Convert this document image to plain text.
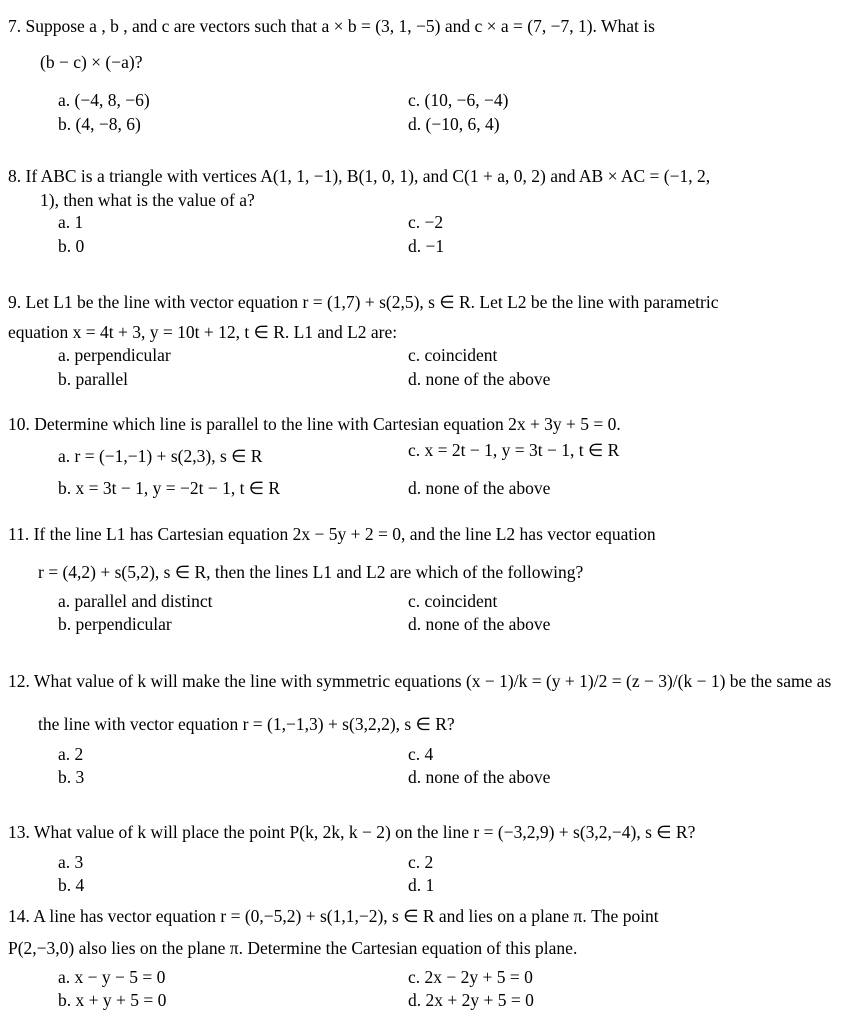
7. Suppose a , b , and c are vectors such that a × b = (3, 1, −5) and c × a = (7, −7, 1). What is
(b − c) × (−a)?
a. (−4, 8, −6)
b. (4, −8, 6)
c. (10, −6, −4)
d. (−10, 6, 4)
8. If ABC is a triangle with vertices A(1, 1, −1), B(1, 0, 1), and C(1 + a, 0, 2) and AB × AC = (−1, 2,
1), then what is the value of a?
a. 1
b. 0
c. −2
d. −1
9. Let L1 be the line with vector equation r = (1,7) + s(2,5), s ∈ R. Let L2 be the line with parametric
equation x = 4t + 3, y = 10t + 12, t ∈ R. L1 and L2 are:
a. perpendicular
b. parallel
c. coincident
d. none of the above
10. Determine which line is parallel to the line with Cartesian equation 2x + 3y + 5 = 0.
a. r = (−1,−1) + s(2,3), s ∈ R
b. x = 3t − 1, y = −2t − 1, t ∈ R
c. x = 2t − 1, y = 3t − 1, t ∈ R
d. none of the above
11. If the line L1 has Cartesian equation 2x − 5y + 2 = 0, and the line L2 has vector equation
r = (4,2) + s(5,2), s ∈ R, then the lines L1 and L2 are which of the following?
a. parallel and distinct
b. perpendicular
c. coincident
d. none of the above
12. What value of k will make the line with symmetric equations (x − 1)/k = (y + 1)/2 = (z − 3)/(k − 1) be the same as
the line with vector equation r = (1,−1,3) + s(3,2,2), s ∈ R?
a. 2
b. 3
c. 4
d. none of the above
13. What value of k will place the point P(k, 2k, k − 2) on the line r = (−3,2,9) + s(3,2,−4), s ∈ R?
a. 3
b. 4
c. 2
d. 1
14. A line has vector equation r = (0,−5,2) + s(1,1,−2), s ∈ R and lies on a plane π. The point
P(2,−3,0) also lies on the plane π. Determine the Cartesian equation of this plane.
a. x − y − 5 = 0
b. x + y + 5 = 0
c. 2x − 2y + 5 = 0
d. 2x + 2y + 5 = 0
